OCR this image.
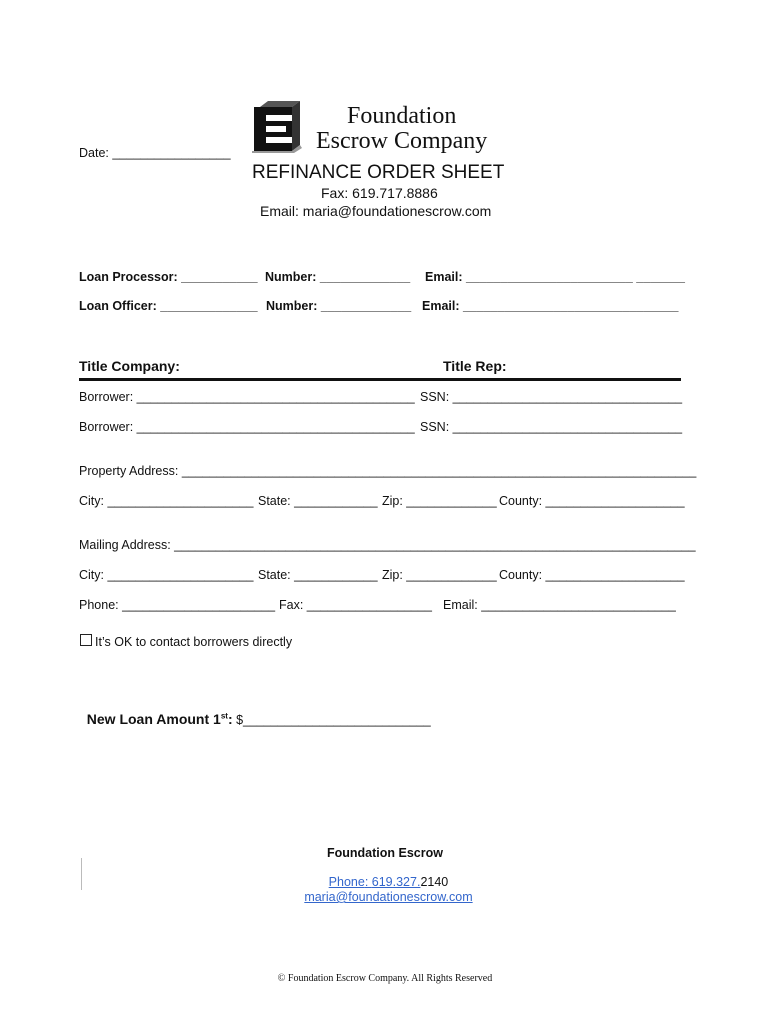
Foundation
Escrow Company
Date: _________________
REFINANCE ORDER SHEET
Fax: 619.717.8886
Email: maria@foundationescrow.com
Loan Processor: ___________ Number: _____________ Email: ________________________ _______
Loan Officer: ______________ Number: _____________ Email: _______________________________
Title Company:	Title Rep:
Borrower: ________________________________________ SSN: _________________________________
Borrower: ________________________________________ SSN: _________________________________
Property Address: __________________________________________________________________________
City: _____________________ State: ____________ Zip: _____________ County: ____________________
Mailing Address: ___________________________________________________________________________
City: _____________________ State: ____________ Zip: _____________ County: ____________________
Phone: ______________________ Fax: __________________ Email: ____________________________
It’s OK to contact borrowers directly

New Loan Amount 1st: $___________________________

Foundation Escrow

Phone: 619.327.2140

maria@foundationescrow.com

© Foundation Escrow Company. All Rights Reserved
